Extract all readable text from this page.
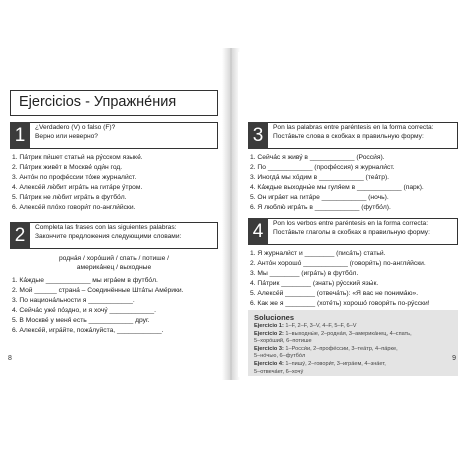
Ejercicios - Упражне́ния
1	¿Verdadero (V) o falso (F)?
Верно или неверно?
1. Па́трик пи́шет статьи́ на ру́сском языке́.
2. Па́трик живёт в Москве́ оди́н год.
3. Анто́н по профе́ссии то́же журнали́ст.
4. Алексе́й лю́бит игра́ть на гита́ре у́тром.
5. Па́трик не лю́бит игра́ть в футбо́л.
6. Алексе́й пло́хо говори́т по-англи́йски.
2	Completa las frases con las siguientes palabras:
Закончите предложения следующими словами:
родна́я / хоро́ший / спать / потише /
америка́нец / выходные
1. Ка́ждые ____________ мы игра́ем в футбо́л.
2. Мой ______ страна́ – Соединённые Шта́ты Аме́рики.
3. По национа́льности я ____________.
4. Сейча́с уже́ по́здно, и я хочу́ ____________.
5. В Москве́ у меня́ есть ____________ друг.
6. Алексе́й, игра́йте, пожа́луйста, ____________.
8
3	Pon las palabras entre paréntesis en la forma correcta:
Поста́вьте слова в скобках в правильную форму:
1. Сейча́с я живу́ в ____________ (Росси́я).
2. По ____________ (профе́ссия) я журнали́ст.
3. Иногда́ мы хо́дим в ____________ (теа́тр).
4. Ка́ждые выходны́е мы гуля́ем в ____________ (парк).
5. Он игра́ет на гита́ре ____________ (ночь).
6. Я люблю́ игра́ть в ____________ (футбо́л).
4	Pon los verbos entre paréntesis en la forma correcta:
Поста́вьте глаголы в скобках в правильную форму:
1. Я журнали́ст и ________ (писа́ть) статьи́.
2. Анто́н хорошо́ ____________ (говори́ть) по-англи́йски.
3. Мы ________ (игра́ть) в футбо́л.
4. Па́трик ________ (знать) ру́сский язы́к.
5. Алексе́й ________ (отвеча́ть): «Я вас не понима́ю».
6. Как же я ________ (хоте́ть) хорошо́ говори́ть по-ру́сски!
Soluciones
Ejercicio 1: 1–F, 2–F, 3–V, 4–F, 5–F, 6–V
Ejercicio 2: 1–выходны́е, 2–родна́я, 3–америка́нец, 4–спать,
5–хоро́ший, 6–потише
Ejercicio 3: 1–Росси́и, 2–профе́ссии, 3–теа́тр, 4–па́рке,
5–но́чью, 6–футбо́л
Ejercicio 4: 1–пишу́, 2–говори́т, 3–игра́ем, 4–зна́ет,
5–отвеча́ет, 6–хочу́
9
